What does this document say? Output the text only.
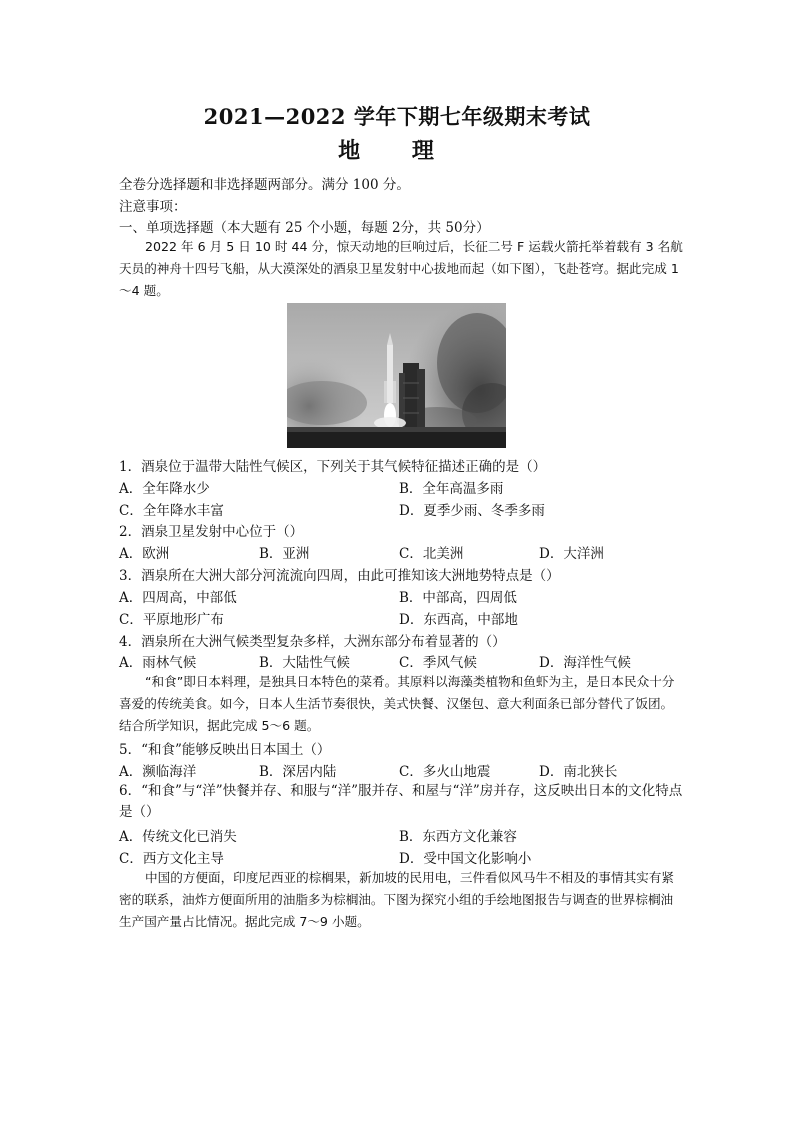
2021—2022 学年下期七年级期末考试
地 理
全卷分选择题和非选择题两部分。满分 100 分。
注意事项：
一、单项选择题（本大题有 25 个小题，每题 2分，共 50分）
2022 年 6 月 5 日 10 时 44 分，惊天动地的巨响过后，长征二号 F 运载火箭托举着载有 3 名航天员的神舟十四号飞船，从大漠深处的酒泉卫星发射中心拔地而起（如下图），飞赴苍穹。据此完成 1～4 题。
1．酒泉位于温带大陆性气候区，下列关于其气候特征描述正确的是（）
A．全年降水少	B．全年高温多雨
C．全年降水丰富	D．夏季少雨、冬季多雨
2．酒泉卫星发射中心位于（）
A．欧洲	B．亚洲	C．北美洲	D．大洋洲
3．酒泉所在大洲大部分河流流向四周，由此可推知该大洲地势特点是（）
A．四周高，中部低	B．中部高，四周低
C．平原地形广布	D．东西高，中部地
4．酒泉所在大洲气候类型复杂多样，大洲东部分布着显著的（）
A．雨林气候	B．大陆性气候	C．季风气候	D．海洋性气候
“和食”即日本料理，是独具日本特色的菜肴。其原料以海藻类植物和鱼虾为主，是日本民众十分喜爱的传统美食。如今，日本人生活节奏很快，美式快餐、汉堡包、意大利面条已部分替代了饭团。结合所学知识，据此完成 5～6 题。
5．“和食”能够反映出日本国土（）
A．濒临海洋	B．深居内陆	C．多火山地震	D．南北狭长
6．“和食”与“洋”快餐并存、和服与“洋”服并存、和屋与“洋”房并存，这反映出日本的文化特点是（）
A．传统文化已消失	B．东西方文化兼容
C．西方文化主导	D．受中国文化影响小
中国的方便面，印度尼西亚的棕榈果，新加坡的民用电，三件看似风马牛不相及的事情其实有紧密的联系，油炸方便面所用的油脂多为棕榈油。下图为探究小组的手绘地图报告与调查的世界棕榈油生产国产量占比情况。据此完成 7～9 小题。
